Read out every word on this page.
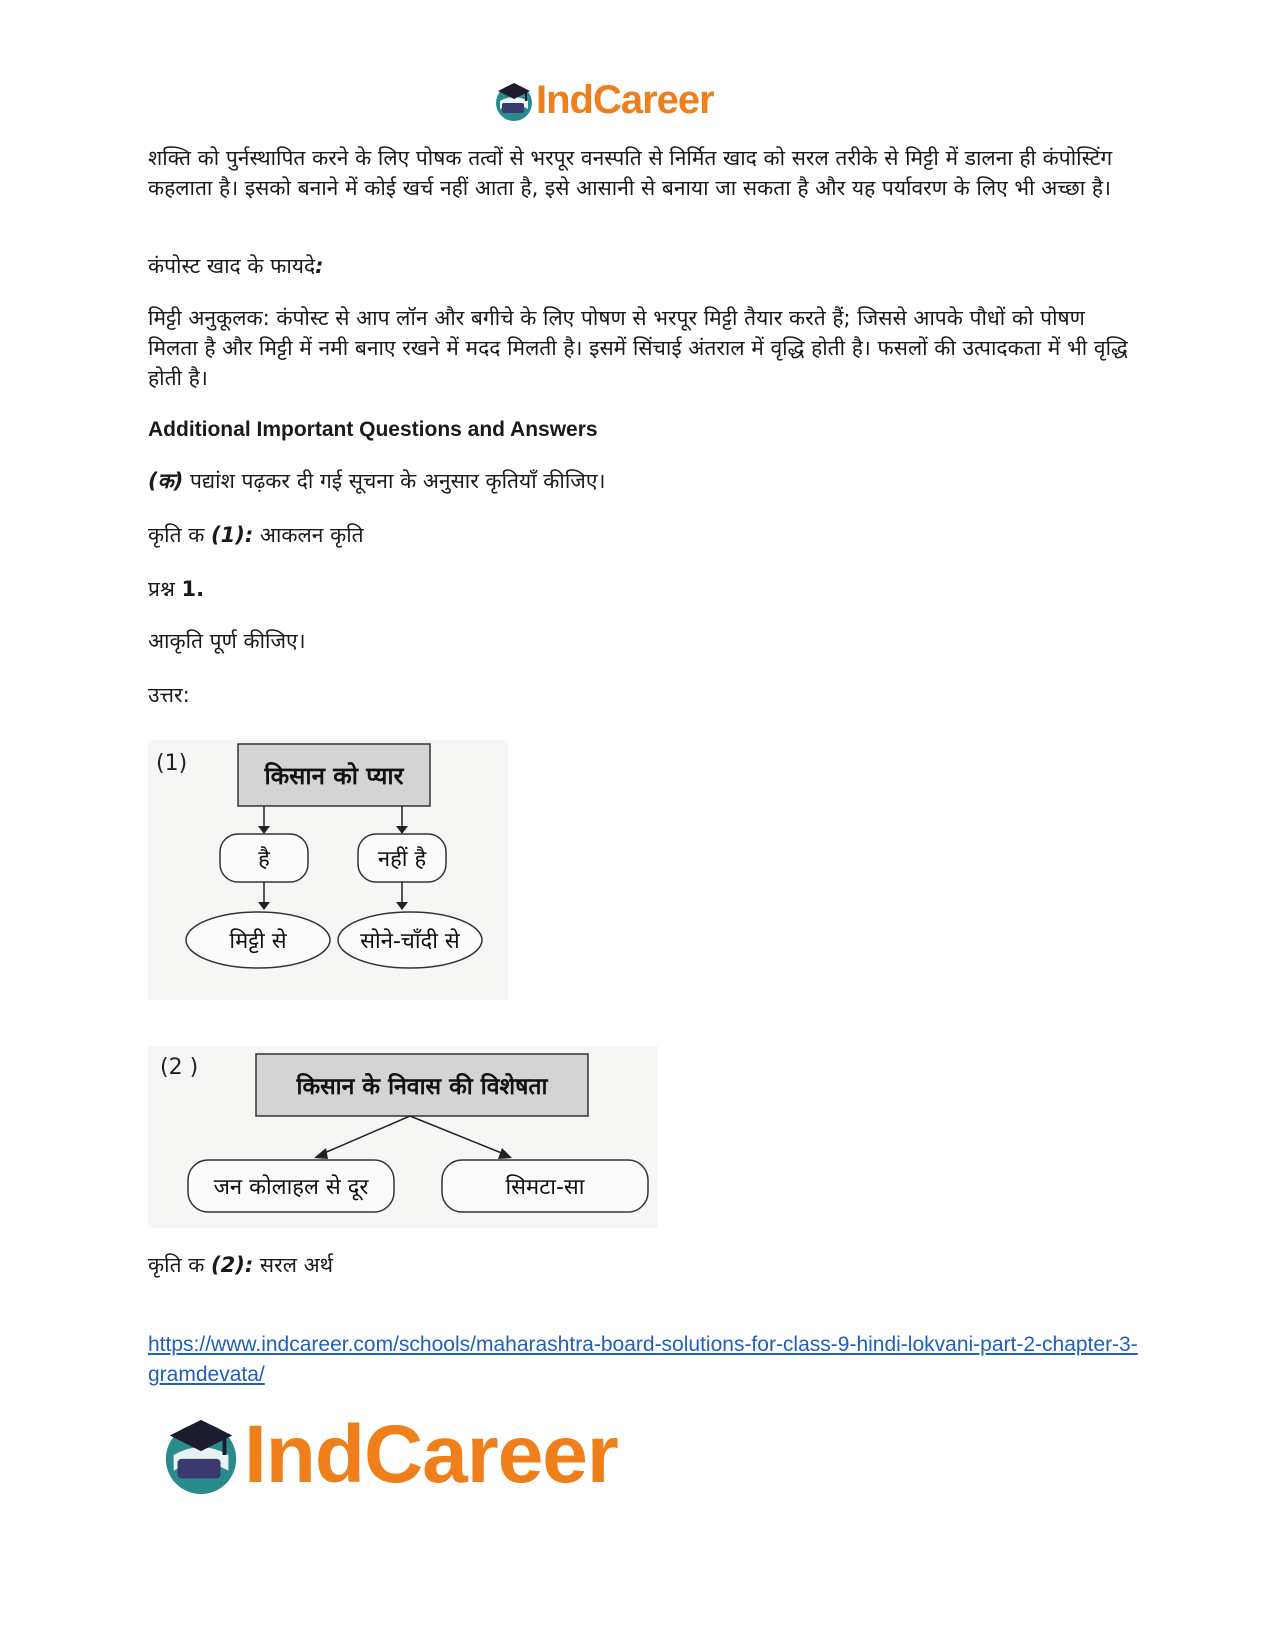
IndCareer

शक्ति को पुर्नस्थापित करने के लिए पोषक तत्वों से भरपूर वनस्पति से निर्मित खाद को सरल तरीके से मिट्टी में डालना ही कंपोस्टिंग कहलाता है। इसको बनाने में कोई खर्च नहीं आता है, इसे आसानी से बनाया जा सकता है और यह पर्यावरण के लिए भी अच्छा है।

कंपोस्ट खाद के फायदे:

मिट्टी अनुकूलक: कंपोस्ट से आप लॉन और बगीचे के लिए पोषण से भरपूर मिट्टी तैयार करते हैं; जिससे आपके पौधों को पोषण मिलता है और मिट्टी में नमी बनाए रखने में मदद मिलती है। इसमें सिंचाई अंतराल में वृद्धि होती है। फसलों की उत्पादकता में भी वृद्धि होती है।

Additional Important Questions and Answers
(क) पद्यांश पढ़कर दी गई सूचना के अनुसार कृतियाँ कीजिए।
कृति क (1): आकलन कृति
प्रश्न 1.
आकृति पूर्ण कीजिए।
उत्तर:
(1)	किसान को प्यार
है	नहीं है
मिट्टी से	सोने-चाँदी से
(2 )
किसान के निवास की विशेषता
जन कोलाहल से दूर	सिमटा-सा
कृति क (2): सरल अर्थ
https://www.indcareer.com/schools/maharashtra-board-solutions-for-class-9-hindi-lokvani-part-2-chapter-3-gramdevata/
IndCareer
